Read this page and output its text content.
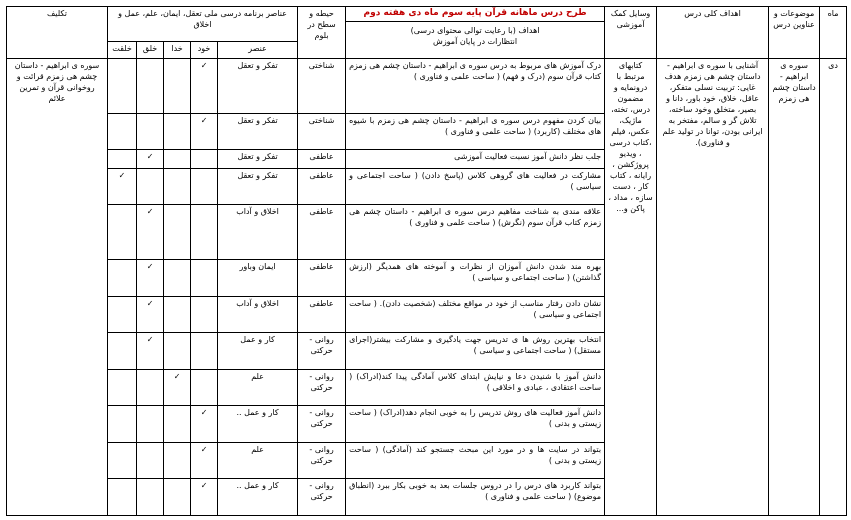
ماه	موضوعات و عناوین درس	اهداف کلی درس	وسایل کمک آموزشی	طرح درس ماهانه قرآن پایه سوم ماه دی هفته دوم
اهداف (با رعایت توالی محتوای درسی)
انتظارات در پایان آموزش	حیطه و سطح در بلوم	عناصر برنامه درسی ملی تعقل، ایمان، علم، عمل و اخلاق					تکلیف
						عنصر	خود	خدا	خلق	خلقت	
دی	سوره ی ابراهیم - داستان چشم هی زمزم	آشنایی با سوره ی ابراهیم - داستان چشم هی زمزم هدف غایی: تربیت نسلی متفکر، عاقل، خلاق، خود باور، دانا و بصیر، متخلق وخود ساخته، تلاش گر و سالم، مفتخر به ایرانی بودن، توانا در تولید علم و فناوری).	کتابهای مرتبط با درونمایه و مضمون درس، تخته، ماژیک، عکس، فیلم ،کتاب درسی ، ویدیو پروژکشن ، رایانه ، کتاب کار ، دست سازه ، مداد ، پاکن و...	درک آموزش های مربوط به درس سوره ی ابراهیم - داستان چشم هی زمزم کتاب قرآن سوم (درک و فهم) ( ساحت علمی و فناوری )	شناختی	تفکر و تعقل	✓				سوره ی ابراهیم - داستان چشم هی زمزم قرائت و روخوانی قرآن و تمرین علائم
				بیان کردن مفهوم درس سوره ی ابراهیم - داستان چشم هی زمزم با شیوه های مختلف (کاربرد) ( ساحت علمی و فناوری )	شناختی	تفکر و تعقل	✓				
				جلب نظر دانش آموز نسبت فعالیت آموزشی	عاطفی	تفکر و تعقل			✓		
				مشارکت در فعالیت های گروهی کلاس (پاسخ دادن) ( ساحت اجتماعی و سیاسی )	عاطفی	تفکر و تعقل				✓	
				علاقه مندی به شناخت مفاهیم درس سوره ی ابراهیم - داستان چشم هی زمزم کتاب قرآن سوم (نگرش) ( ساحت علمی و فناوری )	عاطفی	اخلاق و آداب			✓		
				بهره مند شدن دانش آموزان از نظرات و آموخته های همدیگر (ارزش گذاشتن) ( ساحت اجتماعی و سیاسی )	عاطفی	ایمان وباور			✓		
				نشان دادن رفتار مناسب از خود در مواقع مختلف (شخصیت دادن). ( ساحت اجتماعی و سیاسی )	عاطفی	اخلاق و آداب			✓		
				انتخاب بهترین روش ها ی تدریس جهت یادگیری و مشارکت بیشتر(اجرای مستقل) ( ساحت اجتماعی و سیاسی )	روانی - حرکتی	کار و عمل			✓		
				دانش آموز با شنیدن دعا و نیایش ابتدای کلاس آمادگی پیدا کند(ادراک) ( ساحت اعتقادی ، عبادی و اخلاقی )	روانی - حرکتی	علم		✓			
				دانش آموز فعالیت های روش تدریس را به خوبی انجام دهد(ادراک) ( ساحت زیستی و بدنی )	روانی - حرکتی	کار و عمل ..	✓				
				بتواند در سایت ها و در مورد این مبحث جستجو کند (آمادگی) ( ساحت زیستی و بدنی )	روانی - حرکتی	علم	✓				
				بتواند کاربرد های درس را در دروس جلسات بعد به خوبی بکار ببرد (انطباق موضوع) ( ساحت علمی و فناوری )	روانی - حرکتی	کار و عمل ..	✓				
